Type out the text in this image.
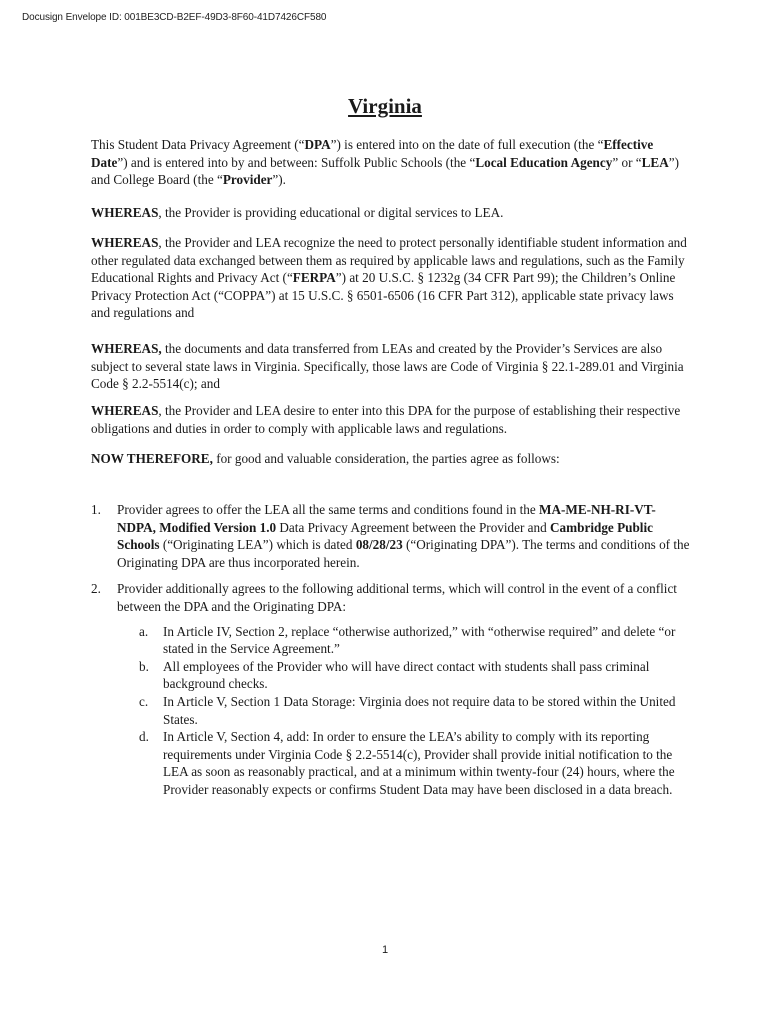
Docusign Envelope ID: 001BE3CD-B2EF-49D3-8F60-41D7426CF580
Virginia

This Student Data Privacy Agreement (“DPA”) is entered into on the date of full execution (the “Effective Date”) and is entered into by and between: Suffolk Public Schools (the “Local Education Agency” or “LEA”) and College Board (the “Provider”).

WHEREAS, the Provider is providing educational or digital services to LEA.

WHEREAS, the Provider and LEA recognize the need to protect personally identifiable student information and other regulated data exchanged between them as required by applicable laws and regulations, such as the Family Educational Rights and Privacy Act (“FERPA”) at 20 U.S.C. § 1232g (34 CFR Part 99); the Children’s Online Privacy Protection Act (“COPPA”) at 15 U.S.C. § 6501-6506 (16 CFR Part 312), applicable state privacy laws and regulations and

WHEREAS, the documents and data transferred from LEAs and created by the Provider’s Services are also subject to several state laws in Virginia. Specifically, those laws are Code of Virginia § 22.1-289.01 and Virginia Code § 2.2-5514(c); and

WHEREAS, the Provider and LEA desire to enter into this DPA for the purpose of establishing their respective obligations and duties in order to comply with applicable laws and regulations.

NOW THEREFORE, for good and valuable consideration, the parties agree as follows:

1. Provider agrees to offer the LEA all the same terms and conditions found in the MA-ME-NH-RI-VT-NDPA, Modified Version 1.0 Data Privacy Agreement between the Provider and Cambridge Public Schools (“Originating LEA”) which is dated 08/28/23 (“Originating DPA”). The terms and conditions of the Originating DPA are thus incorporated herein.
2. Provider additionally agrees to the following additional terms, which will control in the event of a conflict between the DPA and the Originating DPA:
a. In Article IV, Section 2, replace “otherwise authorized,” with “otherwise required” and delete “or stated in the Service Agreement.”
b. All employees of the Provider who will have direct contact with students shall pass criminal background checks.
c. In Article V, Section 1 Data Storage: Virginia does not require data to be stored within the United States.
d. In Article V, Section 4, add: In order to ensure the LEA’s ability to comply with its reporting requirements under Virginia Code § 2.2-5514(c), Provider shall provide initial notification to the LEA as soon as reasonably practical, and at a minimum within twenty-four (24) hours, where the Provider reasonably expects or confirms Student Data may have been disclosed in a data breach.
1
